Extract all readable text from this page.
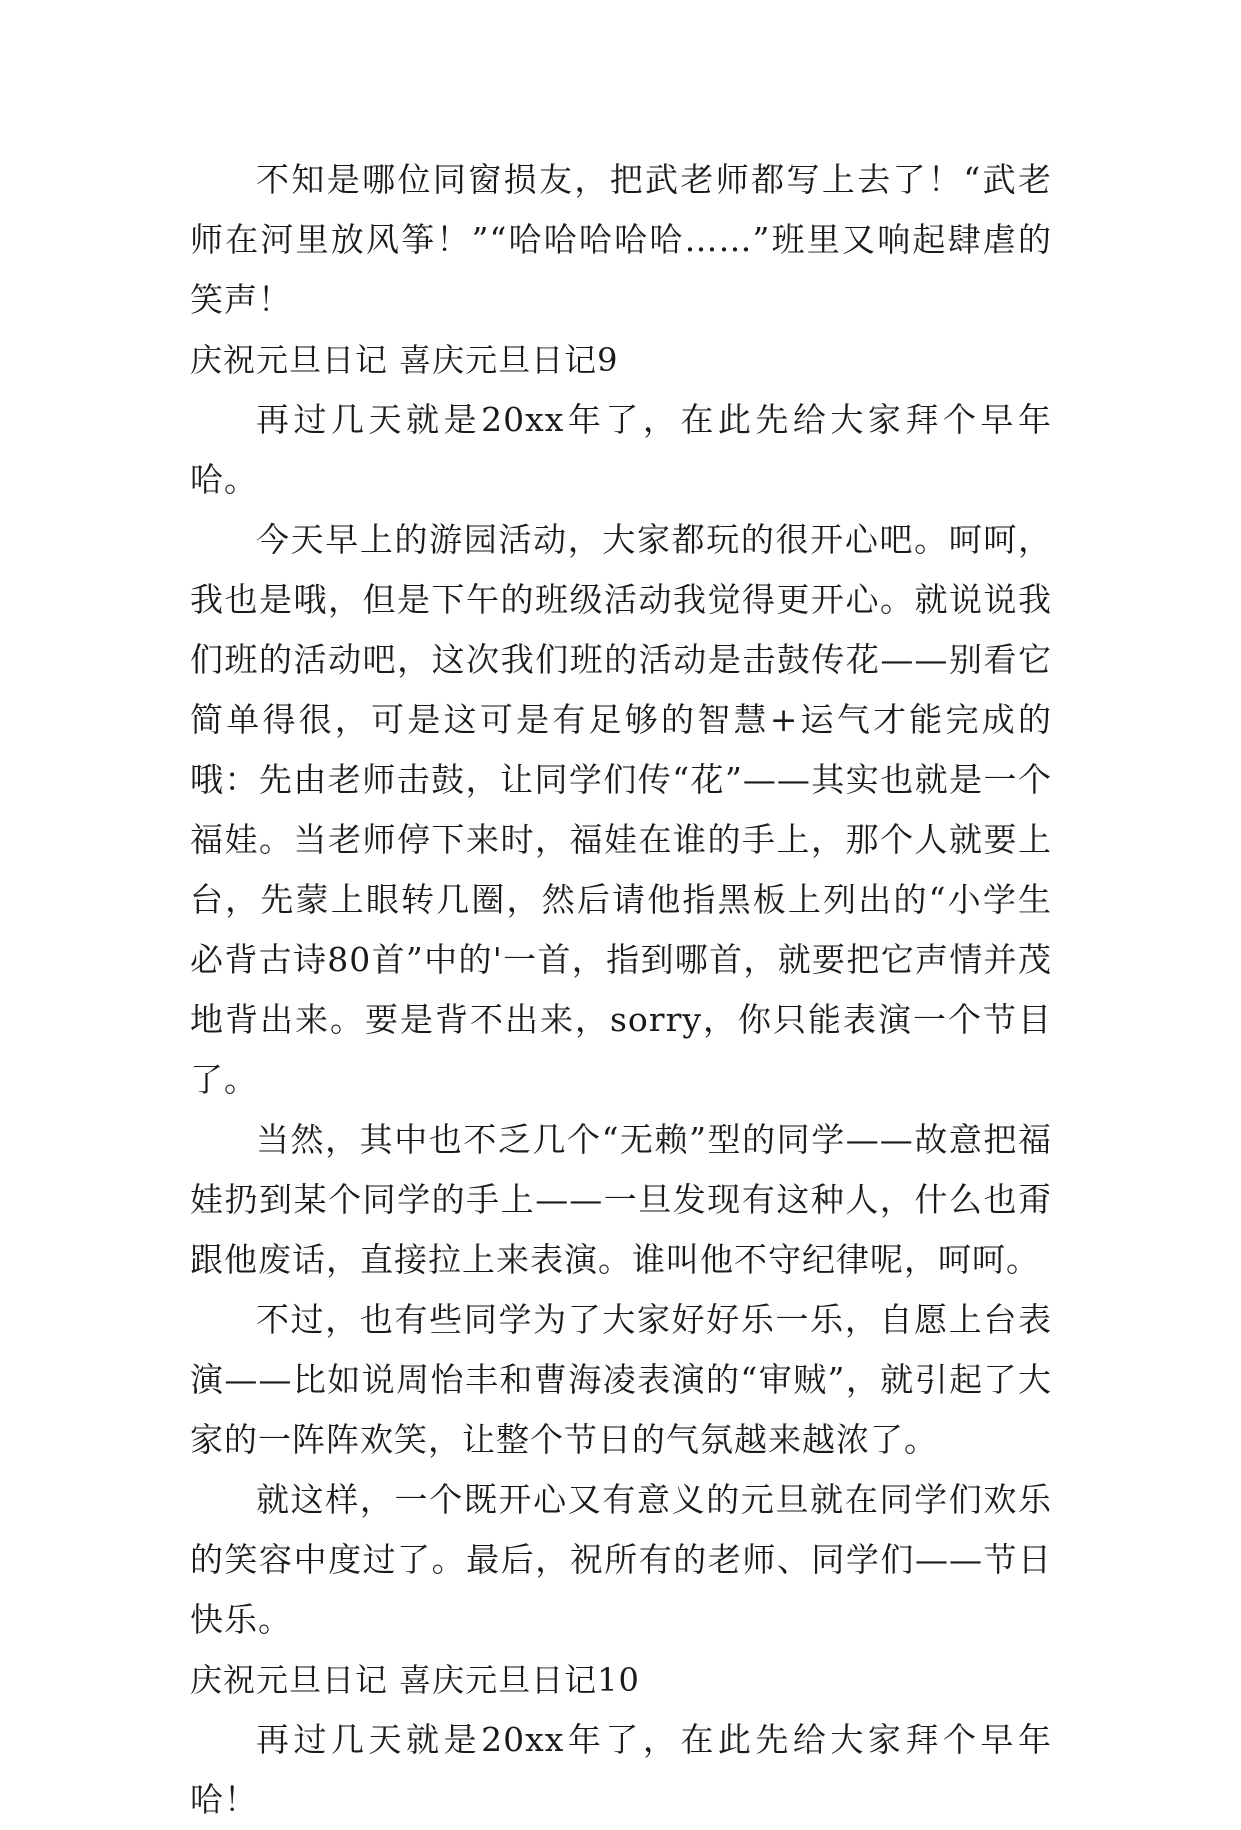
不知是哪位同窗损友，把武老师都写上去了！“武老师在河里放风筝！”“哈哈哈哈哈……”班里又响起肆虐的笑声！

庆祝元旦日记 喜庆元旦日记9

再过几天就是20xx年了，在此先给大家拜个早年哈。

今天早上的游园活动，大家都玩的很开心吧。呵呵，我也是哦，但是下午的班级活动我觉得更开心。就说说我们班的活动吧，这次我们班的活动是击鼓传花——别看它简单得很，可是这可是有足够的智慧+运气才能完成的哦：先由老师击鼓，让同学们传“花”——其实也就是一个福娃。当老师停下来时，福娃在谁的手上，那个人就要上台，先蒙上眼转几圈，然后请他指黑板上列出的“小学生必背古诗80首”中的'一首，指到哪首，就要把它声情并茂地背出来。要是背不出来，sorry，你只能表演一个节目了。

当然，其中也不乏几个“无赖”型的同学——故意把福娃扔到某个同学的手上——一旦发现有这种人，什么也甭跟他废话，直接拉上来表演。谁叫他不守纪律呢，呵呵。

不过，也有些同学为了大家好好乐一乐，自愿上台表演——比如说周怡丰和曹海凌表演的“审贼”，就引起了大家的一阵阵欢笑，让整个节日的气氛越来越浓了。

就这样，一个既开心又有意义的元旦就在同学们欢乐的笑容中度过了。最后，祝所有的老师、同学们——节日快乐。

庆祝元旦日记 喜庆元旦日记10

再过几天就是20xx年了，在此先给大家拜个早年哈！
